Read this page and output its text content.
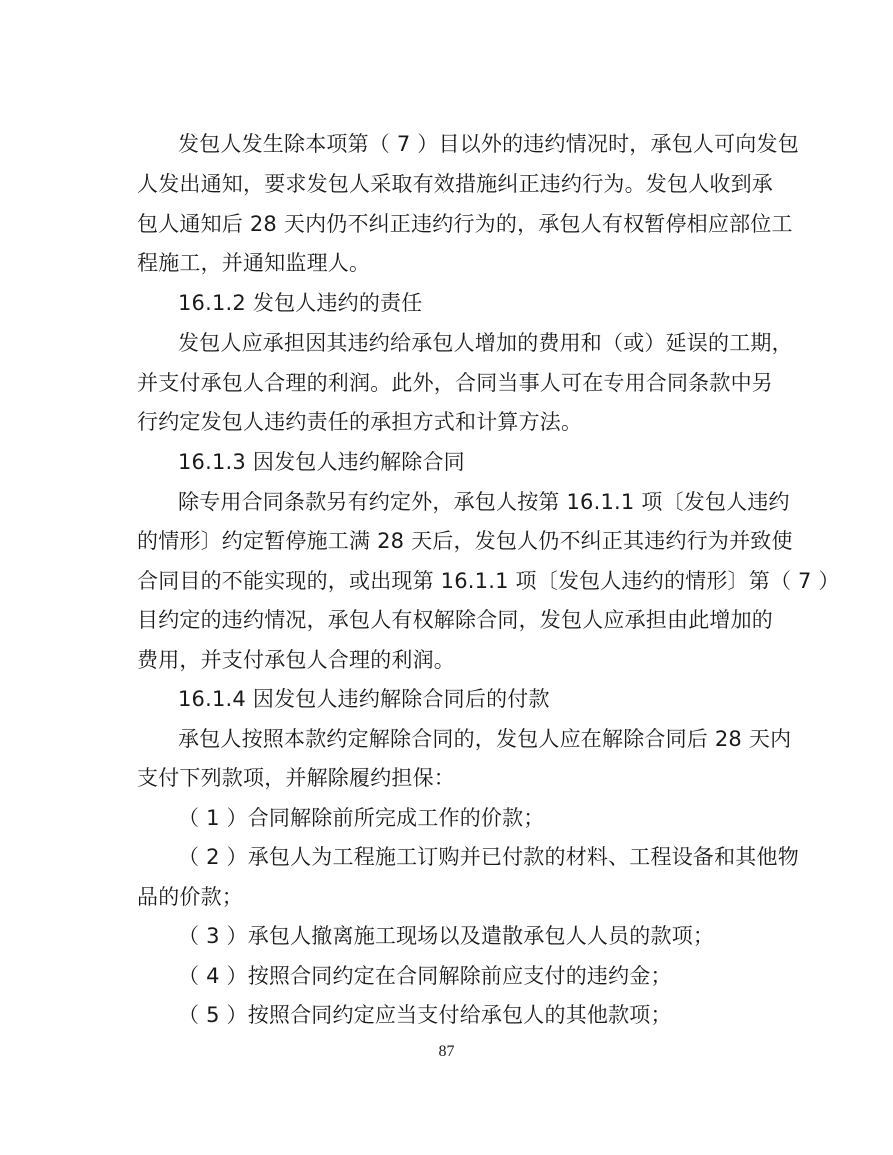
发包人发生除本项第（ 7 ）目以外的违约情况时，承包人可向发包

人发出通知，要求发包人采取有效措施纠正违约行为。发包人收到承

包人通知后 28 天内仍不纠正违约行为的，承包人有权暂停相应部位工

程施工，并通知监理人。

16.1.2 发包人违约的责任

发包人应承担因其违约给承包人增加的费用和（或）延误的工期，

并支付承包人合理的利润。此外，合同当事人可在专用合同条款中另

行约定发包人违约责任的承担方式和计算方法。

16.1.3 因发包人违约解除合同

除专用合同条款另有约定外，承包人按第 16.1.1 项〔发包人违约

的情形〕约定暂停施工满 28 天后，发包人仍不纠正其违约行为并致使

合同目的不能实现的，或出现第 16.1.1 项〔发包人违约的情形〕第（ 7 ）

目约定的违约情况，承包人有权解除合同，发包人应承担由此增加的

费用，并支付承包人合理的利润。

16.1.4 因发包人违约解除合同后的付款

承包人按照本款约定解除合同的，发包人应在解除合同后 28 天内

支付下列款项，并解除履约担保：

（ 1 ）合同解除前所完成工作的价款；

（ 2 ）承包人为工程施工订购并已付款的材料、工程设备和其他物

品的价款；

（ 3 ）承包人撤离施工现场以及遣散承包人人员的款项；

（ 4 ）按照合同约定在合同解除前应支付的违约金；

（ 5 ）按照合同约定应当支付给承包人的其他款项；

87
